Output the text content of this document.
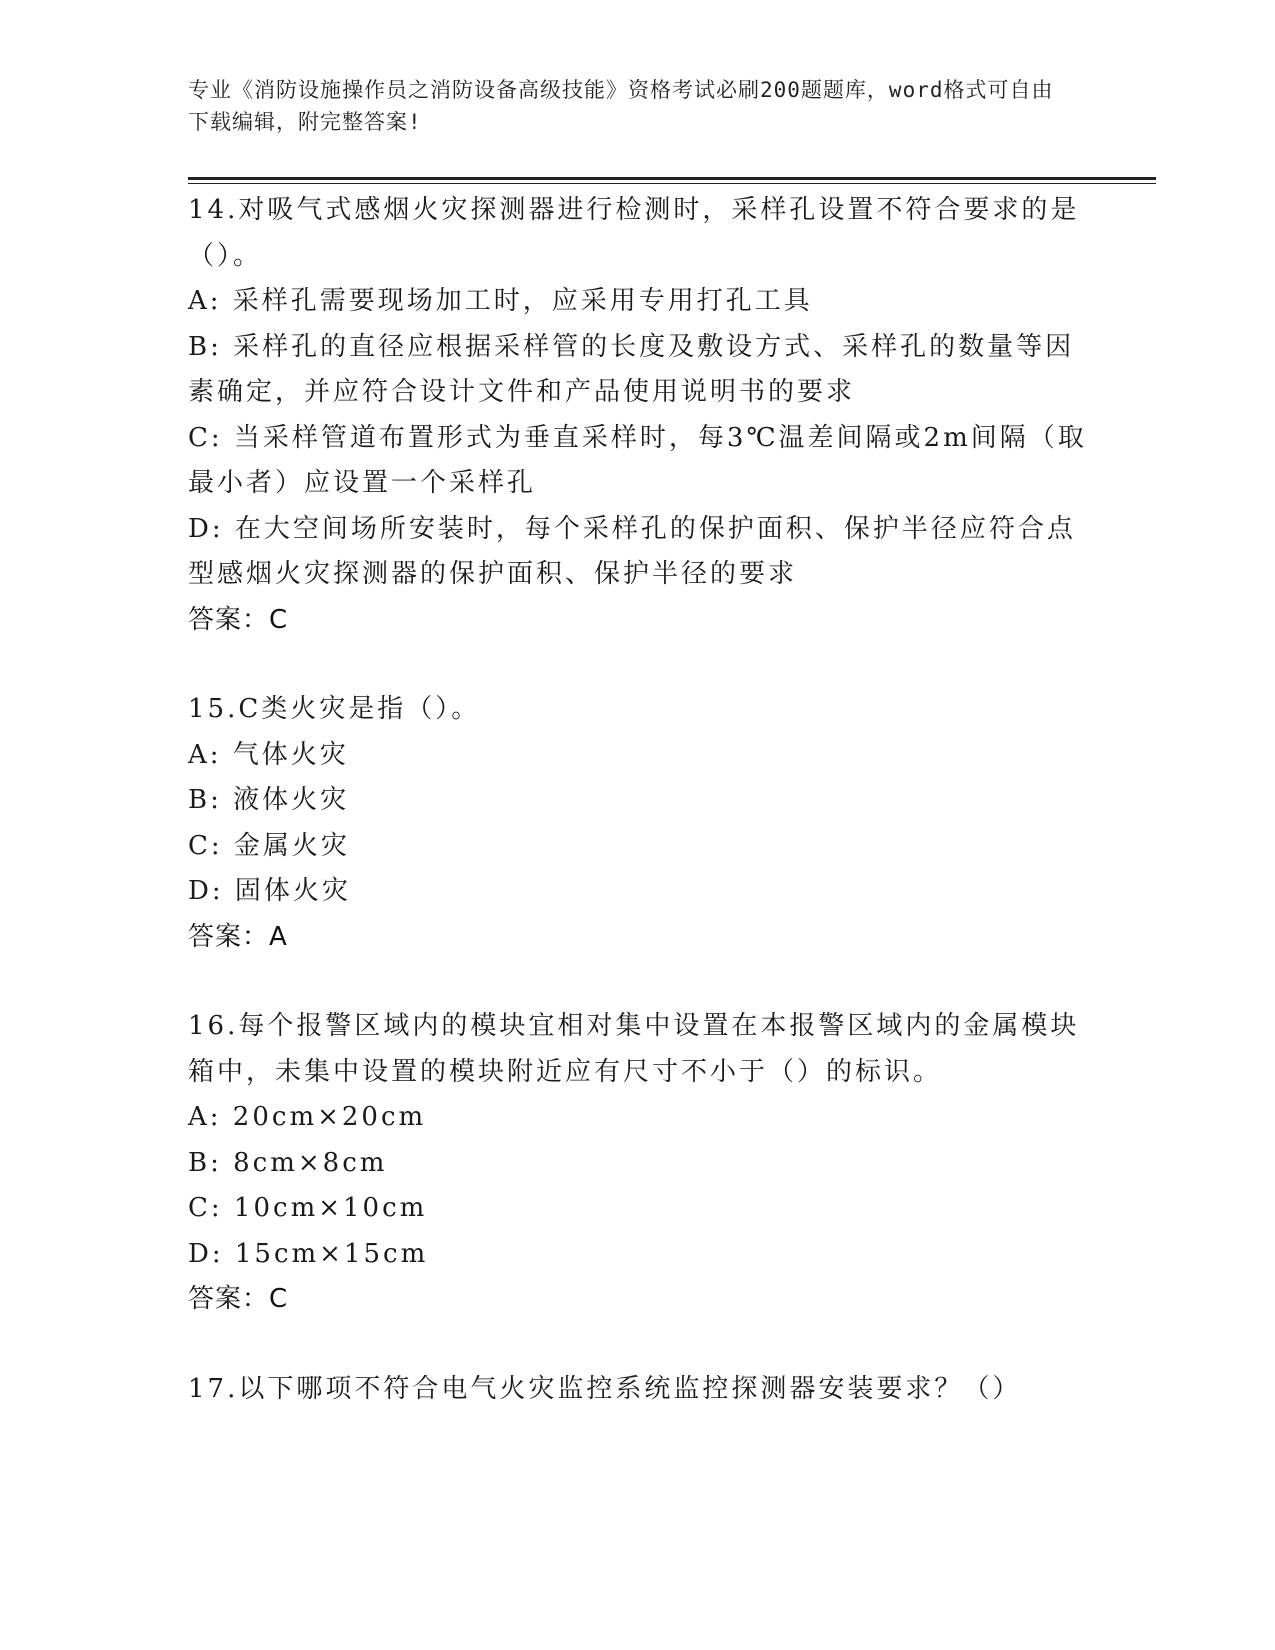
专业《消防设施操作员之消防设备高级技能》资格考试必刷200题题库，word格式可自由下载编辑，附完整答案!
14.对吸气式感烟火灾探测器进行检测时，采样孔设置不符合要求的是（）。
A: 采样孔需要现场加工时，应采用专用打孔工具
B: 采样孔的直径应根据采样管的长度及敷设方式、采样孔的数量等因素确定，并应符合设计文件和产品使用说明书的要求
C: 当采样管道布置形式为垂直采样时，每3℃温差间隔或2m间隔（取最小者）应设置一个采样孔
D: 在大空间场所安装时，每个采样孔的保护面积、保护半径应符合点型感烟火灾探测器的保护面积、保护半径的要求
答案：C
15.C类火灾是指（）。
A: 气体火灾
B: 液体火灾
C: 金属火灾
D: 固体火灾
答案：A
16.每个报警区域内的模块宜相对集中设置在本报警区域内的金属模块箱中，未集中设置的模块附近应有尺寸不小于（）的标识。
A: 20cm×20cm
B: 8cm×8cm
C: 10cm×10cm
D: 15cm×15cm
答案：C
17.以下哪项不符合电气火灾监控系统监控探测器安装要求？（）
